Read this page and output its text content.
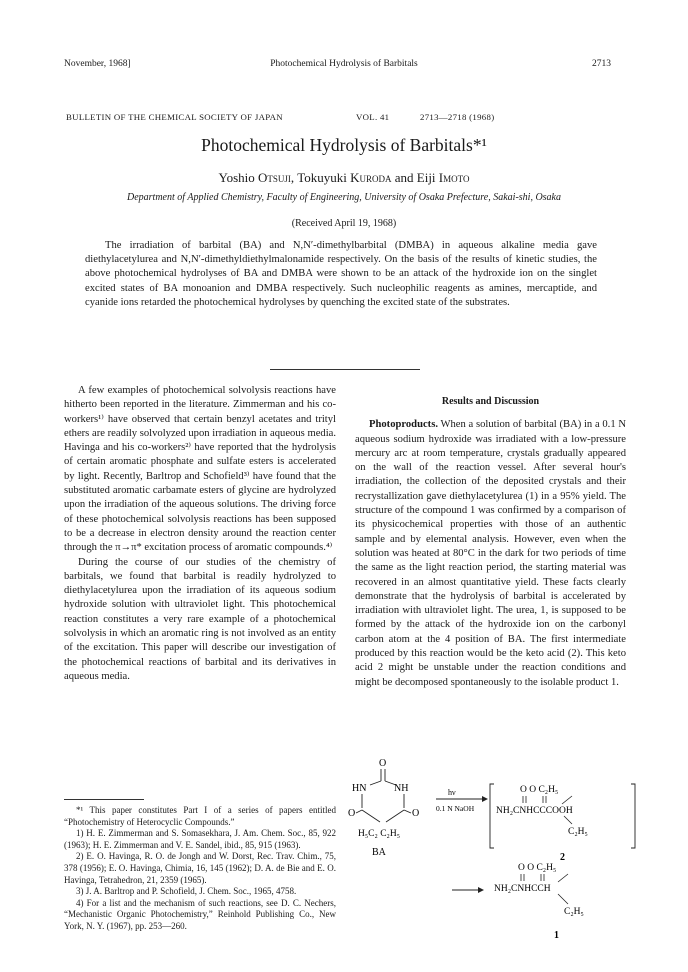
November, 1968]	Photochemical Hydrolysis of Barbitals	2713
BULLETIN OF THE CHEMICAL SOCIETY OF JAPAN	VOL. 41	2713—2718 (1968)
Photochemical Hydrolysis of Barbitals*¹
Yoshio Otsuji, Tokuyuki Kuroda and Eiji Imoto
Department of Applied Chemistry, Faculty of Engineering, University of Osaka Prefecture, Sakai-shi, Osaka
(Received April 19, 1968)

The irradiation of barbital (BA) and N,N′-dimethylbarbital (DMBA) in aqueous alkaline media gave diethylacetylurea and N,N′-dimethyldiethylmalonamide respectively. On the basis of the results of kinetic studies, the above photochemical hydrolyses of BA and DMBA were shown to be an attack of the hydroxide ion on the singlet excited states of BA monoanion and DMBA respectively. Such nucleophilic reagents as amines, mercaptide, and cyanide ions retarded the photochemical hydrolyses by quenching the excited state of the substrates.

A few examples of photochemical solvolysis reactions have hitherto been reported in the literature. Zimmerman and his co-workers¹⁾ have observed that certain benzyl acetates and trityl ethers are readily solvolyzed upon irradiation in aqueous media. Havinga and his co-workers²⁾ have reported that the hydrolysis of certain aromatic phosphate and sulfate esters is accelerated by light. Recently, Barltrop and Schofield³⁾ have found that the substituted aromatic carbamate esters of glycine are hydrolyzed upon the irradiation of the aqueous solutions. The driving force of these photochemical solvolysis reactions has been supposed to be a decrease in electron density around the reaction center through the π→π* excitation process of aromatic compounds.⁴⁾

During the course of our studies of the chemistry of barbitals, we found that barbital is readily hydrolyzed to diethylacetylurea upon the irradiation of its aqueous sodium hydroxide solution with ultraviolet light. This photochemical reaction constitutes a very rare example of a photochemical solvolysis in which an aromatic ring is not involved as an entity of the excitation. This paper will describe our investigation of the photochemical reactions of barbital and its derivatives in aqueous media.

*¹ This paper constitutes Part I of a series of papers entitled “Photochemistry of Heterocyclic Compounds.”

1) H. E. Zimmerman and S. Somasekhara, J. Am. Chem. Soc., 85, 922 (1963); H. E. Zimmerman and V. E. Sandel, ibid., 85, 915 (1963).

2) E. O. Havinga, R. O. de Jongh and W. Dorst, Rec. Trav. Chim., 75, 378 (1956); E. O. Havinga, Chimia, 16, 145 (1962); D. A. de Bie and E. O. Havinga, Tetrahedron, 21, 2359 (1965).

3) J. A. Barltrop and P. Schofield, J. Chem. Soc., 1965, 4758.

4) For a list and the mechanism of such reactions, see D. C. Nechers, “Mechanistic Organic Photochemistry,” Reinhold Publishing Co., New York, N. Y. (1967), pp. 253—260.

Results and Discussion

Photoproducts. When a solution of barbital (BA) in a 0.1 N aqueous sodium hydroxide was irradiated with a low-pressure mercury arc at room temperature, crystals gradually appeared on the wall of the reaction vessel. After several hour's irradiation, the collection of the deposited crystals and their recrystallization gave diethylacetylurea (1) in a 95% yield. The structure of the compound 1 was confirmed by a comparison of its physicochemical properties with those of an authentic sample and by elemental analysis. However, even when the solution was heated at 80°C in the dark for two periods of time the same as the light reaction period, the starting material was recovered in an almost quantitative yield. These facts clearly demonstrate that the hydrolysis of barbital is accelerated by irradiation with ultraviolet light. The urea, 1, is supposed to be formed by the attack of the hydroxide ion on the carbonyl carbon atom at the 4 position of BA. The first intermediate produced by this reaction would be the keto acid (2). This keto acid 2 might be unstable under the reaction conditions and might be decomposed spontaneously to the isolable product 1.

O
HN	NH
O	O
H₅C₂ C₂H₅
BA
hν
0.1 N NaOH
O O C₂H₅
NH₂CNHCCCOOH
C₂H₅
2
O O C₂H₅
NH₂CNHCCH
C₂H₅
1
